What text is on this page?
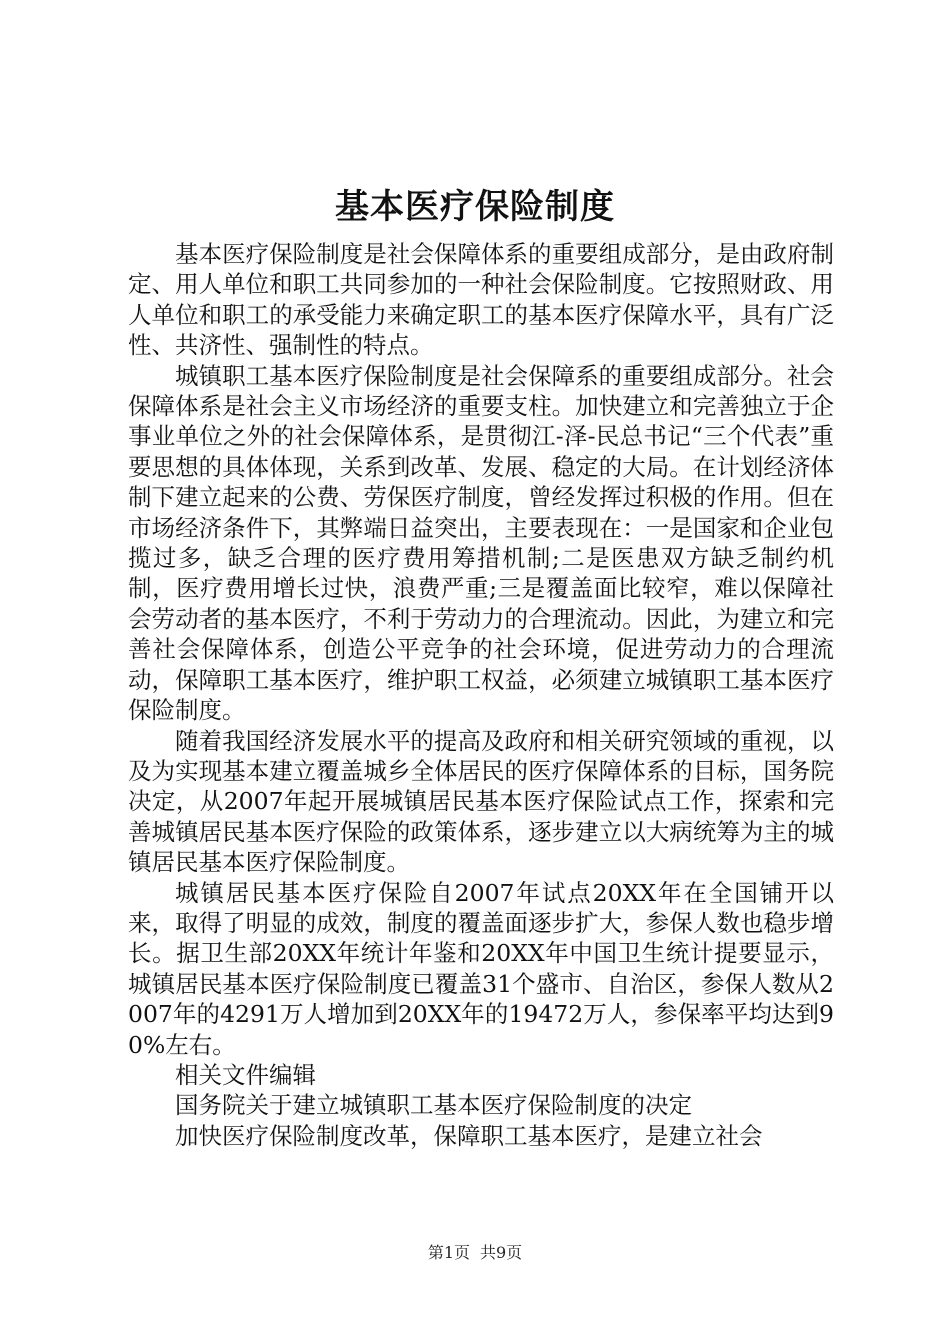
基本医疗保险制度

基本医疗保险制度是社会保障体系的重要组成部分，是由政府制定、用人单位和职工共同参加的一种社会保险制度。它按照财政、用人单位和职工的承受能力来确定职工的基本医疗保障水平，具有广泛性、共济性、强制性的特点。

城镇职工基本医疗保险制度是社会保障系的重要组成部分。社会保障体系是社会主义市场经济的重要支柱。加快建立和完善独立于企事业单位之外的社会保障体系，是贯彻江-泽-民总书记“三个代表”重要思想的具体体现，关系到改革、发展、稳定的大局。在计划经济体制下建立起来的公费、劳保医疗制度，曾经发挥过积极的作用。但在市场经济条件下，其弊端日益突出，主要表现在：一是国家和企业包揽过多，缺乏合理的医疗费用筹措机制;二是医患双方缺乏制约机制，医疗费用增长过快，浪费严重;三是覆盖面比较窄，难以保障社会劳动者的基本医疗，不利于劳动力的合理流动。因此，为建立和完善社会保障体系，创造公平竞争的社会环境，促进劳动力的合理流动，保障职工基本医疗，维护职工权益，必须建立城镇职工基本医疗保险制度。

随着我国经济发展水平的提高及政府和相关研究领域的重视，以及为实现基本建立覆盖城乡全体居民的医疗保障体系的目标，国务院决定，从2007年起开展城镇居民基本医疗保险试点工作，探索和完善城镇居民基本医疗保险的政策体系，逐步建立以大病统筹为主的城镇居民基本医疗保险制度。

城镇居民基本医疗保险自2007年试点20XX年在全国铺开以来，取得了明显的成效，制度的覆盖面逐步扩大，参保人数也稳步增长。据卫生部20XX年统计年鉴和20XX年中国卫生统计提要显示，城镇居民基本医疗保险制度已覆盖31个盛市、自治区，参保人数从2007年的4291万人增加到20XX年的19472万人，参保率平均达到90%左右。

相关文件编辑

国务院关于建立城镇职工基本医疗保险制度的决定

加快医疗保险制度改革，保障职工基本医疗，是建立社会

第1页 共9页
